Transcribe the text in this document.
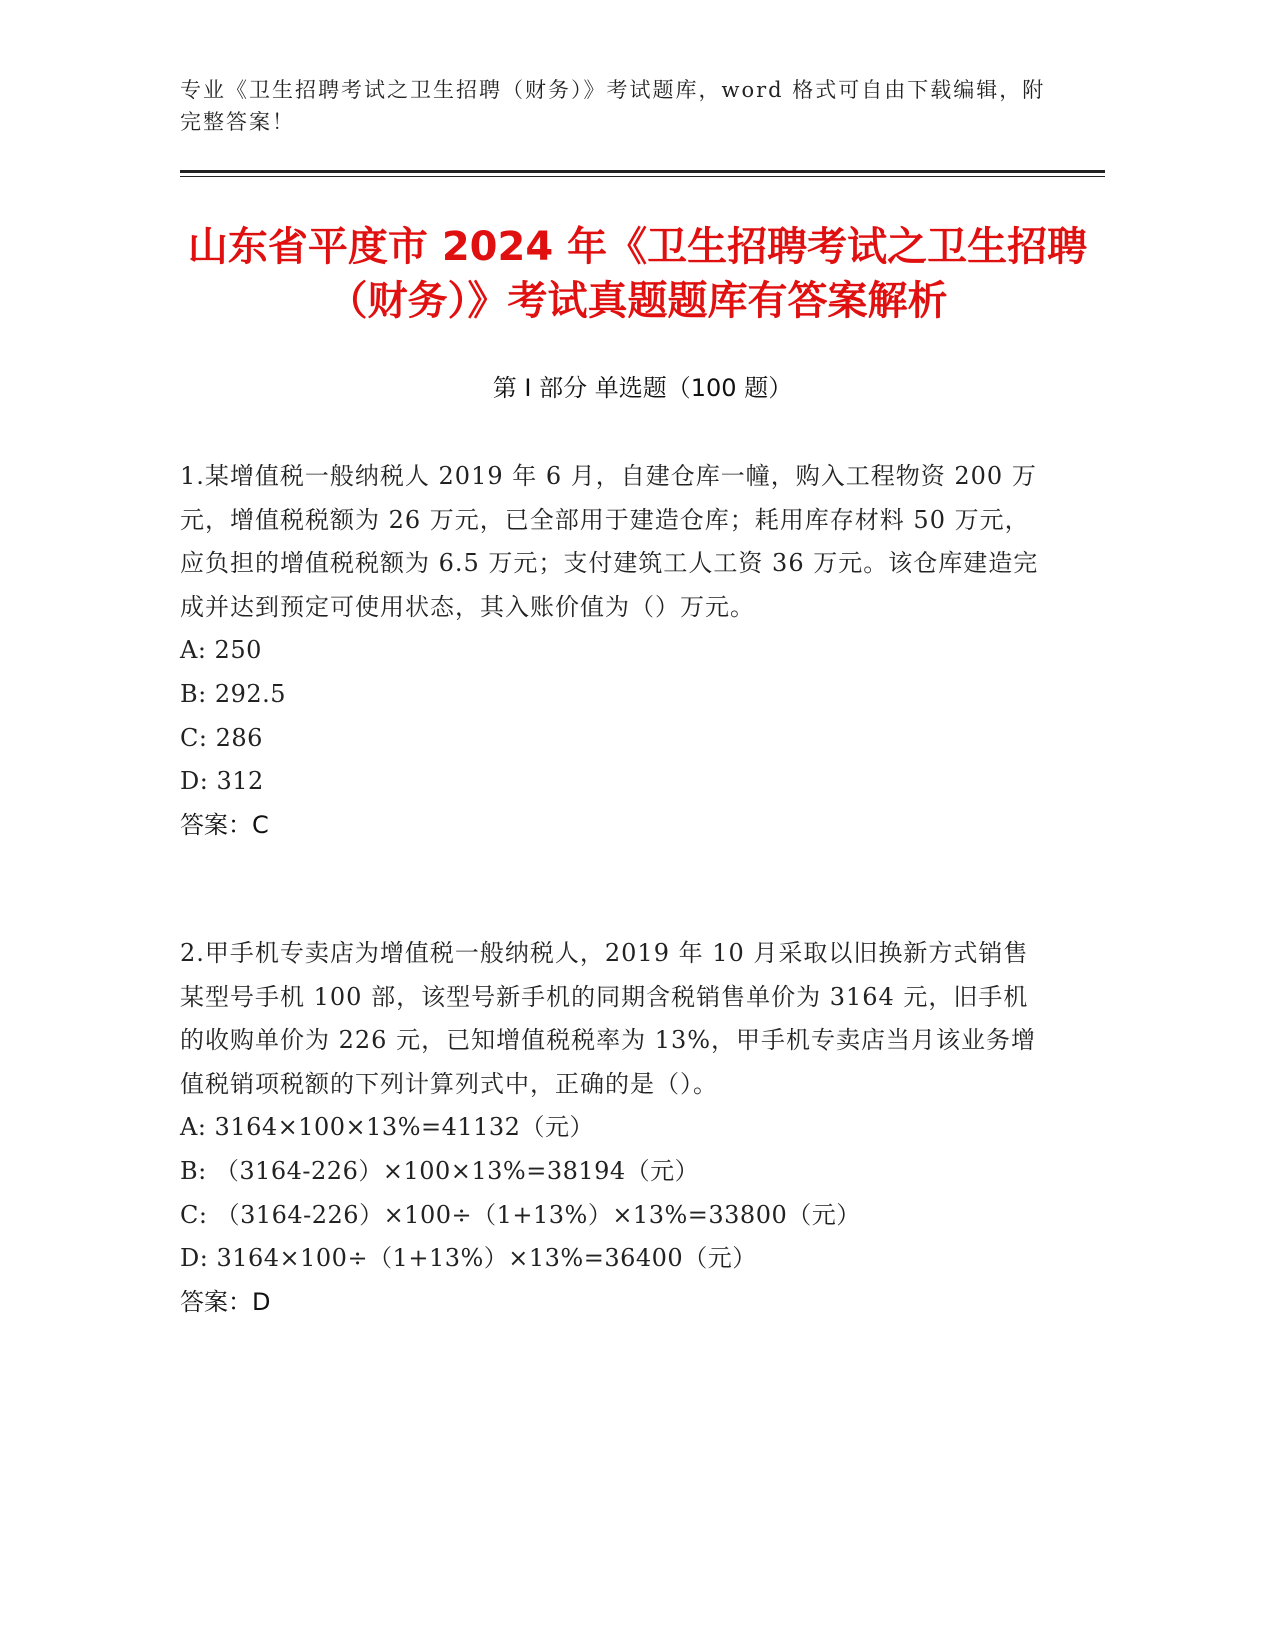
专业《卫生招聘考试之卫生招聘（财务）》考试题库，word 格式可自由下载编辑，附完整答案！
山东省平度市 2024 年《卫生招聘考试之卫生招聘（财务）》考试真题题库有答案解析
第 I 部分 单选题（100 题）

1.某增值税一般纳税人 2019 年 6 月，自建仓库一幢，购入工程物资 200 万元，增值税税额为 26 万元，已全部用于建造仓库；耗用库存材料 50 万元，应负担的增值税税额为 6.5 万元；支付建筑工人工资 36 万元。该仓库建造完成并达到预定可使用状态，其入账价值为（）万元。

A: 250

B: 292.5

C: 286

D: 312

答案：C

2.甲手机专卖店为增值税一般纳税人，2019 年 10 月采取以旧换新方式销售某型号手机 100 部，该型号新手机的同期含税销售单价为 3164 元，旧手机的收购单价为 226 元，已知增值税税率为 13%，甲手机专卖店当月该业务增值税销项税额的下列计算列式中，正确的是（）。

A: 3164×100×13%=41132（元）

B: （3164-226）×100×13%=38194（元）

C: （3164-226）×100÷（1+13%）×13%=33800（元）

D: 3164×100÷（1+13%）×13%=36400（元）

答案：D
